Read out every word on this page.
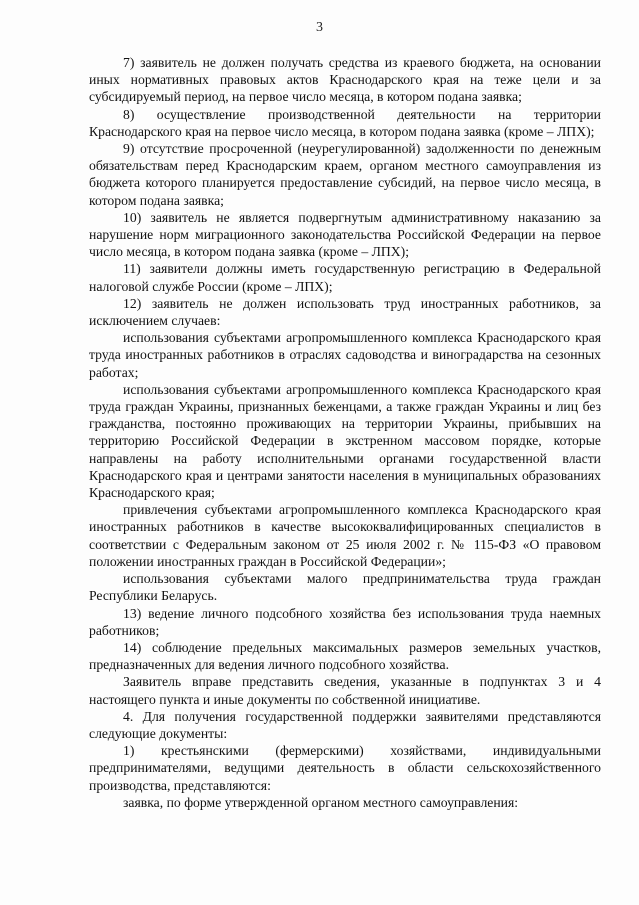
3

7) заявитель не должен получать средства из краевого бюджета, на основании иных нормативных правовых актов Краснодарского края на теже цели и за субсидируемый период, на первое число месяца, в котором подана заявка;

8) осуществление производственной деятельности на территории Краснодарского края на первое число месяца, в котором подана заявка (кроме – ЛПХ);

9) отсутствие просроченной (неурегулированной) задолженности по денежным обязательствам перед Краснодарским краем, органом местного самоуправления из бюджета которого планируется предоставление субсидий, на первое число месяца, в котором подана заявка;

10) заявитель не является подвергнутым административному наказанию за нарушение норм миграционного законодательства Российской Федерации на первое число месяца, в котором подана заявка (кроме – ЛПХ);

11) заявители должны иметь государственную регистрацию в Федеральной налоговой службе России (кроме – ЛПХ);

12) заявитель не должен использовать труд иностранных работников, за исключением случаев:

использования субъектами агропромышленного комплекса Краснодарского края труда иностранных работников в отраслях садоводства и виноградарства на сезонных работах;

использования субъектами агропромышленного комплекса Краснодарского края труда граждан Украины, признанных беженцами, а также граждан Украины и лиц без гражданства, постоянно проживающих на территории Украины, прибывших на территорию Российской Федерации в экстренном массовом порядке, которые направлены на работу исполнительными органами государственной власти Краснодарского края и центрами занятости населения в муниципальных образованиях Краснодарского края;

привлечения субъектами агропромышленного комплекса Краснодарского края иностранных работников в качестве высококвалифицированных специалистов в соответствии с Федеральным законом от 25 июля 2002 г. № 115-ФЗ «О правовом положении иностранных граждан в Российской Федерации»;

использования субъектами малого предпринимательства труда граждан Республики Беларусь.

13) ведение личного подсобного хозяйства без использования труда наемных работников;

14) соблюдение предельных максимальных размеров земельных участков, предназначенных для ведения личного подсобного хозяйства.

Заявитель вправе представить сведения, указанные в подпунктах 3 и 4 настоящего пункта и иные документы по собственной инициативе.

4. Для получения государственной поддержки заявителями представляются следующие документы:

1) крестьянскими (фермерскими) хозяйствами, индивидуальными предпринимателями, ведущими деятельность в области сельскохозяйственного производства, представляются:

заявка, по форме утвержденной органом местного самоуправления:
